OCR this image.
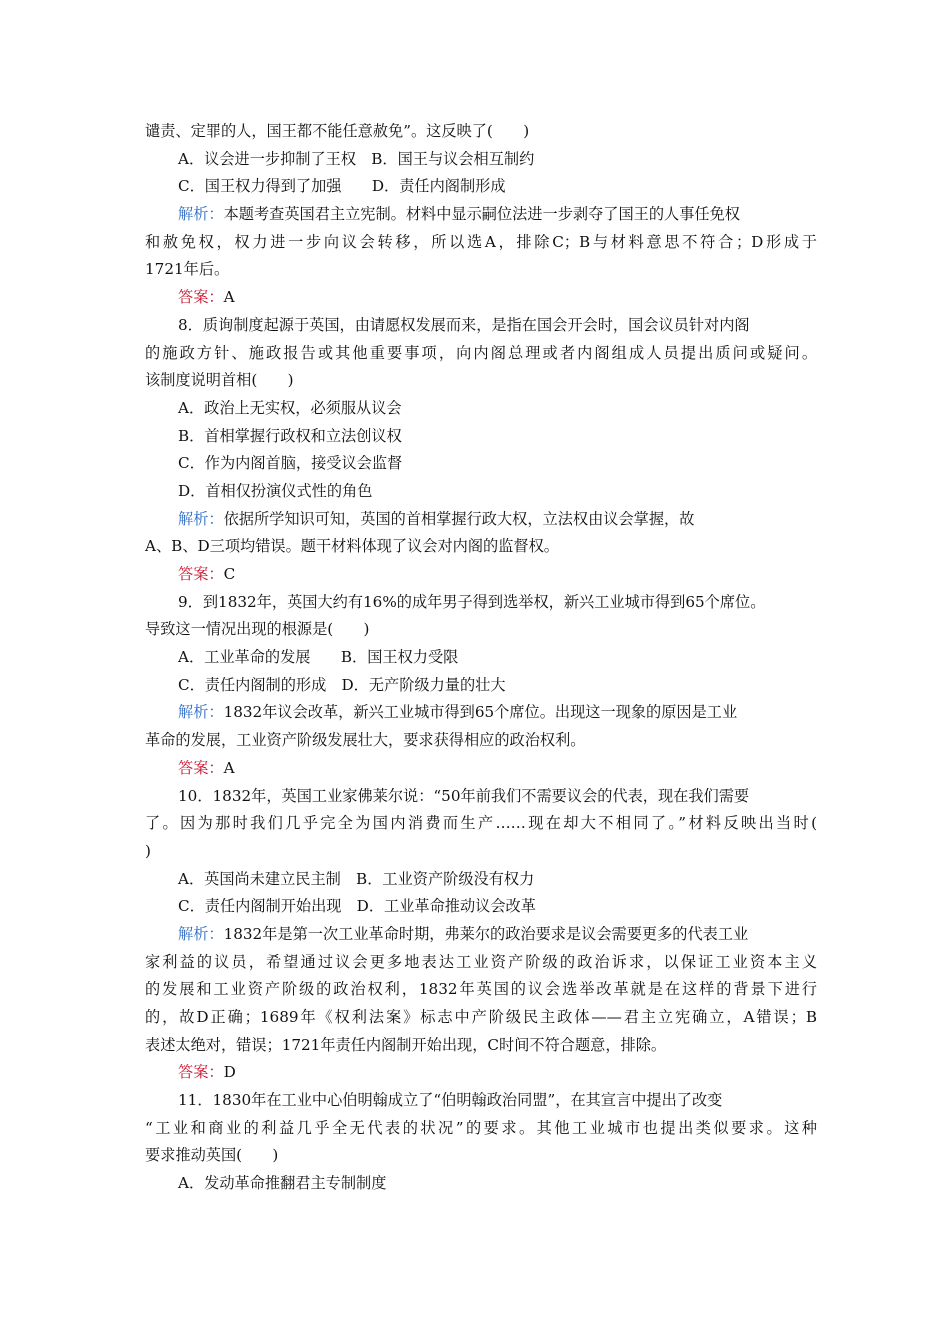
谴责、定罪的人，国王都不能任意赦免”。这反映了(　　)
A．议会进一步抑制了王权　B．国王与议会相互制约
C．国王权力得到了加强　　D．责任内阁制形成
解析：本题考查英国君主立宪制。材料中显示嗣位法进一步剥夺了国王的人事任免权
和赦免权，权力进一步向议会转移，所以选A，排除C；B与材料意思不符合；D形成于
1721年后。
答案：A
8．质询制度起源于英国，由请愿权发展而来，是指在国会开会时，国会议员针对内阁
的施政方针、施政报告或其他重要事项，向内阁总理或者内阁组成人员提出质问或疑问。
该制度说明首相(　　)
A．政治上无实权，必须服从议会
B．首相掌握行政权和立法创议权
C．作为内阁首脑，接受议会监督
D．首相仅扮演仪式性的角色
解析：依据所学知识可知，英国的首相掌握行政大权，立法权由议会掌握，故
A、B、D三项均错误。题干材料体现了议会对内阁的监督权。
答案：C
9．到1832年，英国大约有16%的成年男子得到选举权，新兴工业城市得到65个席位。
导致这一情况出现的根源是(　　)
A．工业革命的发展　　B．国王权力受限
C．责任内阁制的形成　D．无产阶级力量的壮大
解析：1832年议会改革，新兴工业城市得到65个席位。出现这一现象的原因是工业
革命的发展，工业资产阶级发展壮大，要求获得相应的政治权利。
答案：A
10．1832年，英国工业家佛莱尔说：“50年前我们不需要议会的代表，现在我们需要
了。因为那时我们几乎完全为国内消费而生产……现在却大不相同了。”材料反映出当时(
)
A．英国尚未建立民主制　B．工业资产阶级没有权力
C．责任内阁制开始出现　D．工业革命推动议会改革
解析：1832年是第一次工业革命时期，弗莱尔的政治要求是议会需要更多的代表工业
家利益的议员，希望通过议会更多地表达工业资产阶级的政治诉求，以保证工业资本主义
的发展和工业资产阶级的政治权利，1832年英国的议会选举改革就是在这样的背景下进行
的，故D正确；1689年《权利法案》标志中产阶级民主政体——君主立宪确立，A错误；B
表述太绝对，错误；1721年责任内阁制开始出现，C时间不符合题意，排除。
答案：D
11．1830年在工业中心伯明翰成立了“伯明翰政治同盟”，在其宣言中提出了改变
“工业和商业的利益几乎全无代表的状况”的要求。其他工业城市也提出类似要求。这种
要求推动英国(　　)
A．发动革命推翻君主专制制度
